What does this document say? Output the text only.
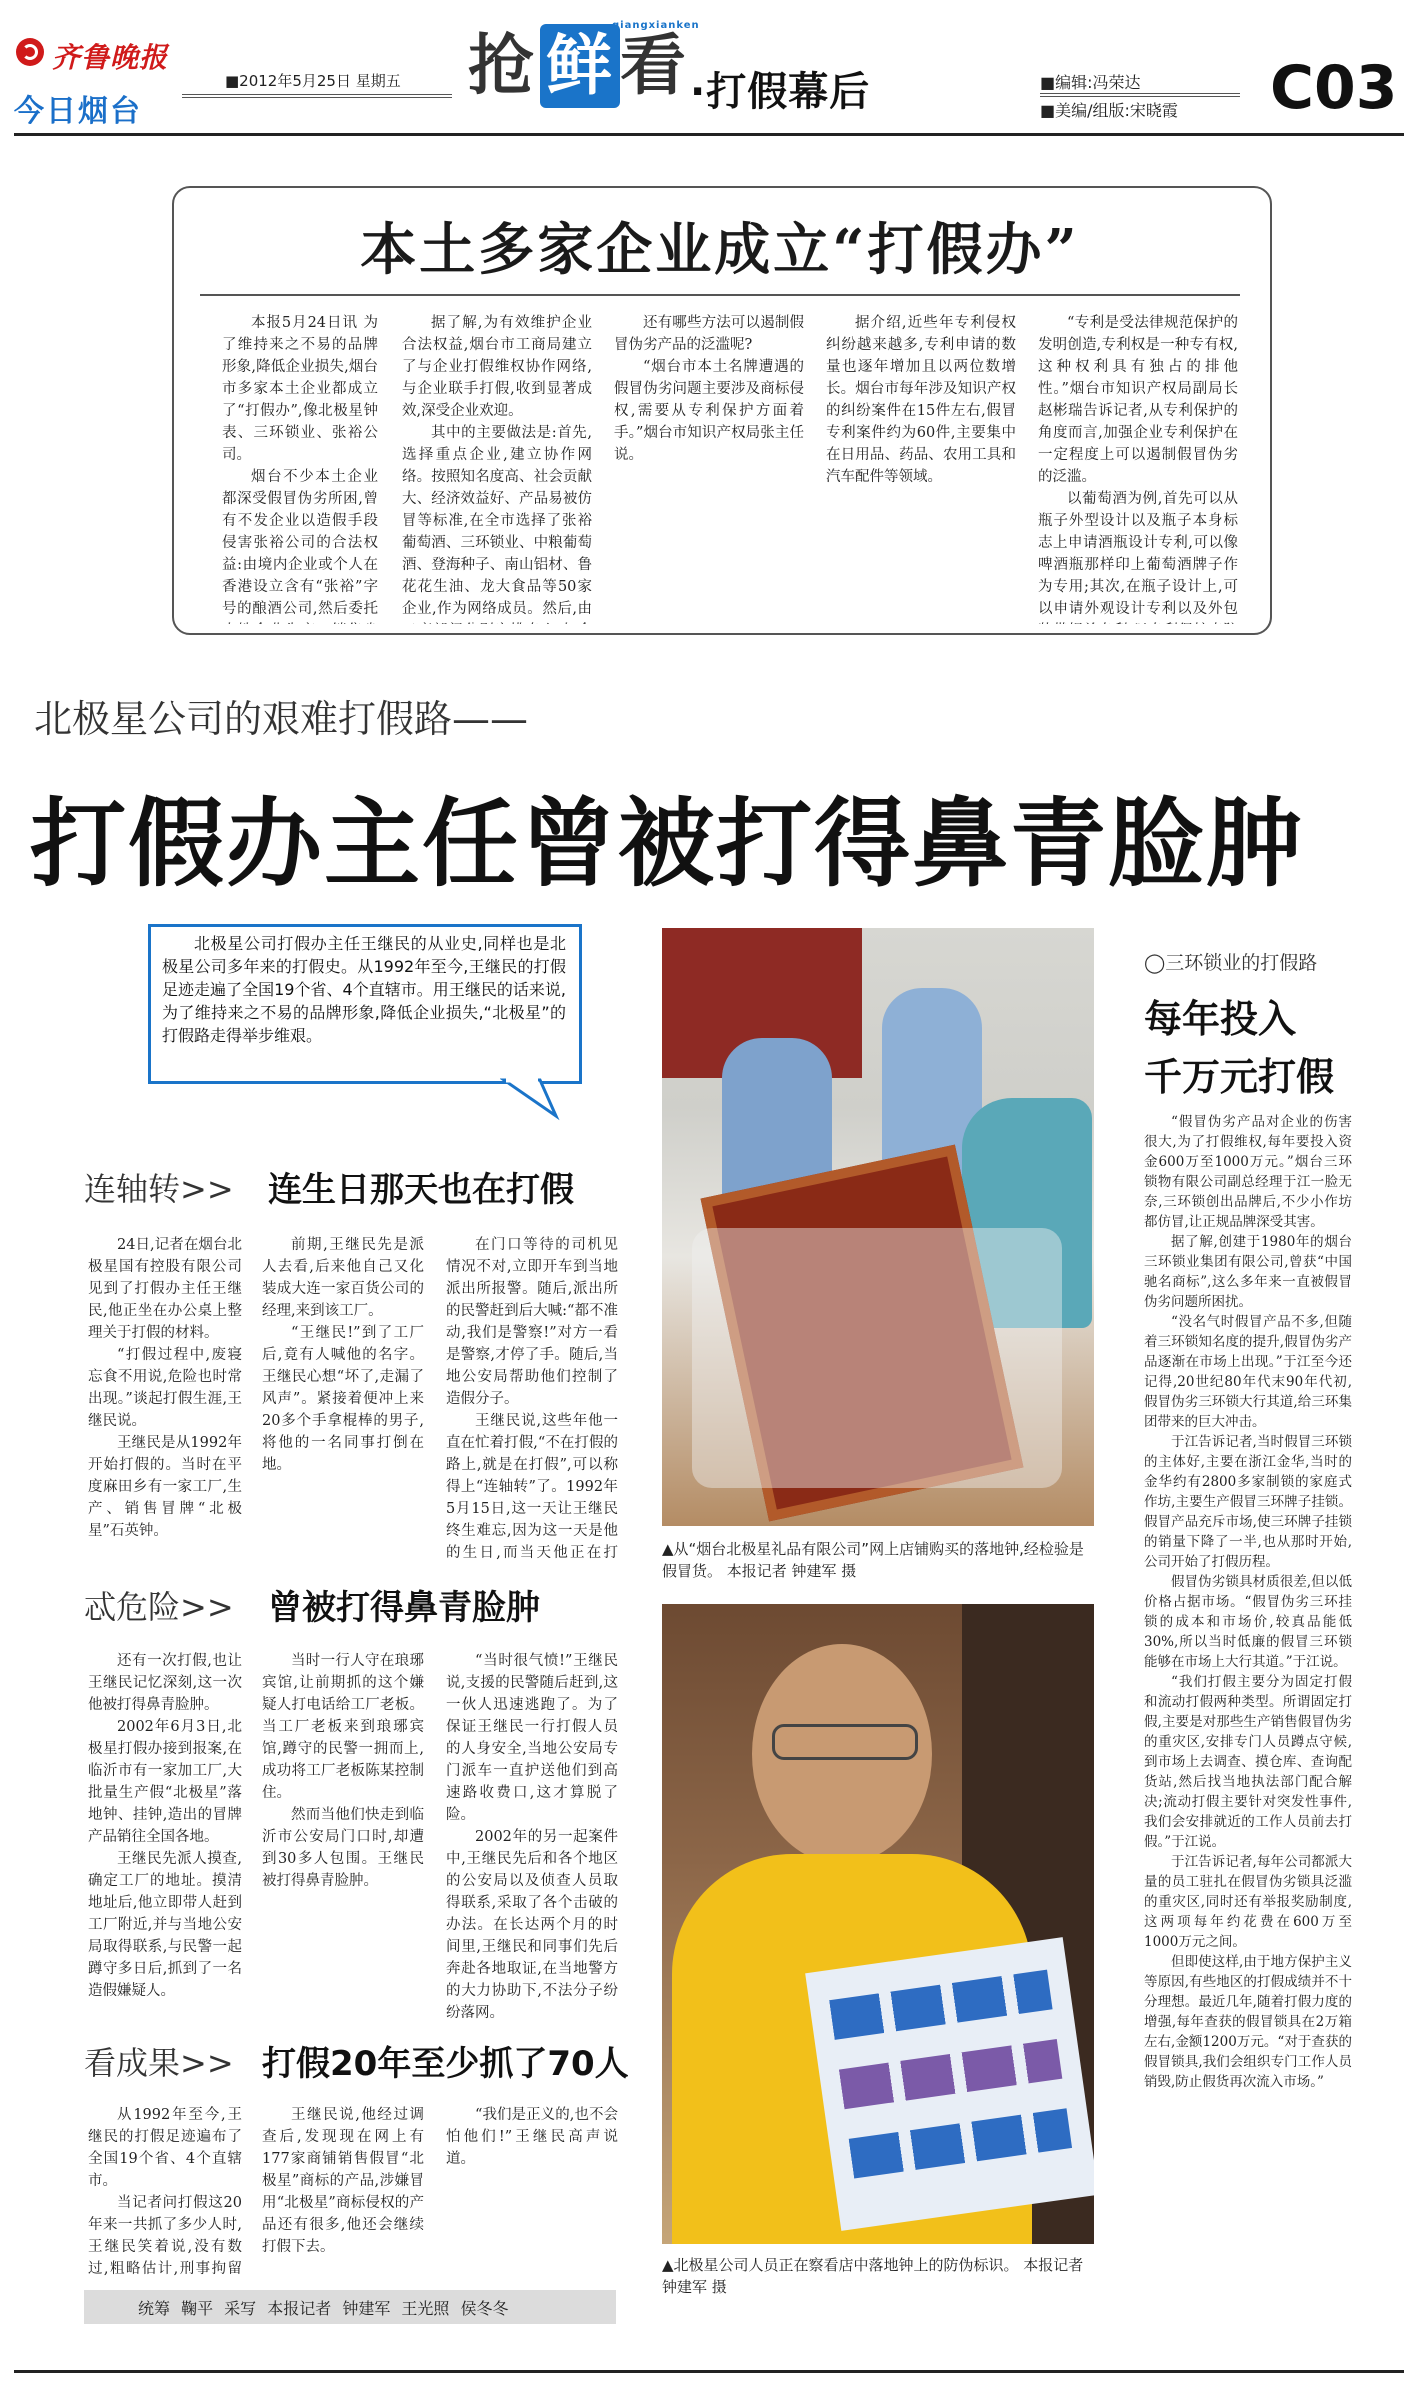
齐鲁晚报
今日烟台
■2012年5月25日 星期五 抢 鲜 看
qiangxianken
·打假幕后	■编辑:冯荣达
■美编/组版:宋晓霞 C03
本土多家企业成立“打假办”

本报5月24日讯 为了维持来之不易的品牌形象,降低企业损失,烟台市多家本土企业都成立了“打假办”,像北极星钟表、三环锁业、张裕公司。

烟台不少本土企业都深受假冒伪劣所困,曾有不发企业以造假手段侵害张裕公司的合法权益:由境内企业或个人在香港设立含有“张裕”字号的酿酒公司,然后委托

据了解,为有效维护企业合法权益,烟台市工商局建立了与企业打假维权协作网络,与企业联手打假,收到显著成效,深受企业欢迎。

其中的主要做法是:首先,选择重点企业,建立协作网络。按照知名度高、社会贡献大、经济效益好、产品易被仿冒等标准,在全市选择了张裕葡萄酒、三环锁业、中粮葡萄酒、登海种子、南山铝材、鲁花花生油、龙大食品等50家企业,作为网络成员。然后,由

还有哪些方法可以遏制假冒伪劣产品的泛滥呢?

“烟台市本土名牌遭遇的假冒伪劣问题主要涉及商标侵权,需要从专利保护方面着手。”烟台市知识产权局张主任说。

据介绍,近些年专利侵权纠纷越来越多,专利申请的数量也逐年增加且以两位数增长。烟台市每年涉及知识产权的纠纷案件在15件左右,假冒专利案件约为60件,主要集中在日用品、药品、农用工具和汽车配件等领域。

“专利是受法律规范保护的发明创造,专利权是一种专有权,这种权利具有独占的排他性。”烟台市知识产权局副局长赵彬瑞告诉记者,从专利保护的角度而言,加强企业专利保护在一定程度上可以遏制假冒伪劣的泛滥。

以葡萄酒为例,首先可以从瓶子外型设计以及瓶子本身标志上申请酒瓶设计专利,可以像啤酒瓶那样印上葡萄酒牌子作为专用;其次,在瓶子设计上,可以申请外观设计专利以及外包

北极星公司的艰难打假路——
打假办主任曾被打得鼻青脸肿
北极星公司打假办主任王继民的从业史,同样也是北极星公司多年来的打假史。从1992年至今,王继民的打假足迹走遍了全国19个省、4个直辖市。用王继民的话来说,为了维持来之不易的品牌形象,降低企业损失,“北极星”的打假路走得举步维艰。
连轴转>> 连生日那天也在打假

24日,记者在烟台北极星国有控股有限公司见到了打假办主任王继民,他正坐在办公桌上整理关于打假的材料。

“打假过程中,废寝忘食不用说,危险也时常出现。”谈起打假生涯,王继民说。

王继民是从1992年开始打假的。当时在平度麻田乡有一家工厂,生产、销售冒牌“北极星”石英钟。

前期,王继民先是派人去看,后来他自己又化装成大连一家百货公司的经理,来到该工厂。

“王继民!”到了工厂后,竟有人喊他的名字。王继民心想“坏了,走漏了风声”。紧接着便冲上来20多个手拿棍棒的男子,将他的一名同事打倒在地。

在门口等待的司机见情况不对,立即开车到当地派出所报警。随后,派出所的民警赶到后大喊:“都不准动,我们是警察!”对方一看是警察,才停了手。随后,当地公安局帮助他们控制了造假分子。

王继民说,这些年他一直在忙着打假,“不在打假的路上,就是在打假”,可以称得上“连轴转”了。1992年5月15日,这一天让王继民终生难忘,因为这一天是他的生日,而当天他正在打

忒危险>> 曾被打得鼻青脸肿

还有一次打假,也让王继民记忆深刻,这一次他被打得鼻青脸肿。

2002年6月3日,北极星打假办接到报案,在临沂市有一家加工厂,大批量生产假“北极星”落地钟、挂钟,造出的冒牌产品销往全国各地。

王继民先派人摸查,确定工厂的地址。摸清地址后,他立即带人赶到工厂附近,并与当地公安局取得联系,与民警一起蹲守多日后,抓到了一名造假嫌疑人。

当时一行人守在琅琊宾馆,让前期抓的这个嫌疑人打电话给工厂老板。当工厂老板来到琅琊宾馆,蹲守的民警一拥而上,成功将工厂老板陈某控制住。

然而当他们快走到临沂市公安局门口时,却遭到30多人包围。王继民被打得鼻青脸肿。

“当时很气愤!”王继民说,支援的民警随后赶到,这一伙人迅速逃跑了。为了保证王继民一行打假人员的人身安全,当地公安局专门派车一直护送他们到高速路收费口,这才算脱了险。

2002年的另一起案件中,王继民先后和各个地区的公安局以及侦查人员取得联系,采取了各个击破的办法。在长达两个月的时间里,王继民和同事们先后奔赴各地取证,在当地警方的大力协助下,不法分子纷纷落网。

看成果>> 打假20年至少抓了70人

从1992年至今,王继民的打假足迹遍布了全国19个省、4个直辖市。

当记者问打假这20年来一共抓了多少人时,王继民笑着说,没有数过,粗略估计,刑事拘留

王继民说,他经过调查后,发现现在网上有177家商铺销售假冒“北极星”商标的产品,涉嫌冒用“北极星”商标侵权的产品还有很多,他还会继续打假下去。

“我们是正义的,也不会怕他们!”王继民高声说道。

统筹 鞠平 采写 本报记者 钟建军 王光照 侯冬冬
▲从“烟台北极星礼品有限公司”网上店铺购买的落地钟,经检验是假冒货。 本报记者 钟建军 摄
▲北极星公司人员正在察看店中落地钟上的防伪标识。 本报记者 钟建军 摄
◯三环锁业的打假路
每年投入
千万元打假

“假冒伪劣产品对企业的伤害很大,为了打假维权,每年要投入资金600万至1000万元。”烟台三环锁物有限公司副总经理于江一脸无奈,三环锁创出品牌后,不少小作坊都仿冒,让正规品牌深受其害。

据了解,创建于1980年的烟台三环锁业集团有限公司,曾获“中国驰名商标”,这么多年来一直被假冒伪劣问题所困扰。

“没名气时假冒产品不多,但随着三环锁知名度的提升,假冒伪劣产品逐渐在市场上出现。”于江至今还记得,20世纪80年代末90年代初,假冒伪劣三环锁大行其道,给三环集团带来的巨大冲击。

于江告诉记者,当时假冒三环锁的主体好,主要在浙江金华,当时的金华约有2800多家制锁的家庭式作坊,主要生产假冒三环牌子挂锁。假冒产品充斥市场,使三环牌子挂锁的销量下降了一半,也从那时开始,公司开始了打假历程。

假冒伪劣锁具材质很差,但以低价格占据市场。“假冒伪劣三环挂锁的成本和市场价,较真品能低30%,所以当时低廉的假冒三环锁能够在市场上大行其道。”于江说。

“我们打假主要分为固定打假和流动打假两种类型。所谓固定打假,主要是对那些生产销售假冒伪劣的重灾区,安排专门人员蹲点守候,到市场上去调查、摸仓库、查询配货站,然后找当地执法部门配合解决;流动打假主要针对突发性事件,我们会安排就近的工作人员前去打假。”于江说。

于江告诉记者,每年公司都派大量的员工驻扎在假冒伪劣锁具泛滥的重灾区,同时还有举报奖励制度,这两项每年约花费在600万至1000万元之间。

但即使这样,由于地方保护主义等原因,有些地区的打假成绩并不十分理想。最近几年,随着打假力度的增强,每年查获的假冒锁具在2万箱左右,金额1200万元。“对于查获的假冒锁具,我们会组织专门工作人员销毁,防止假货再次流入市场。”
